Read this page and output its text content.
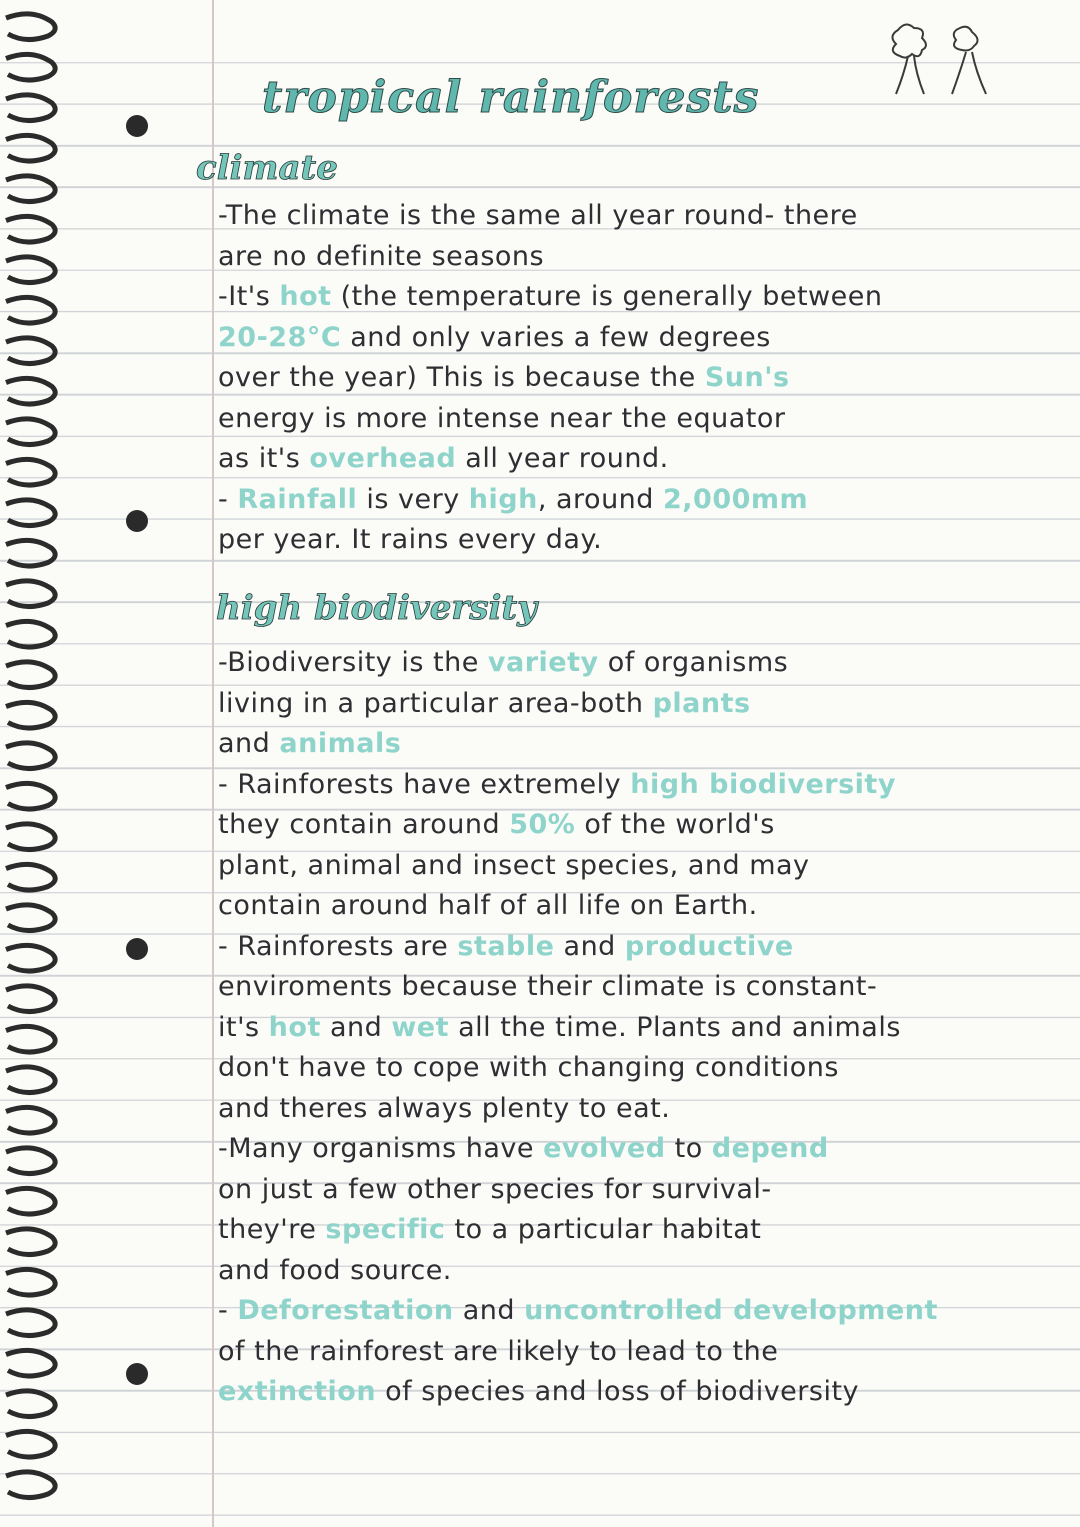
tropical rainforests
climate

-The climate is the same all year round- there

are no definite seasons

-It's hot (the temperature is generally between

20-28°C and only varies a few degrees

over the year) This is because the Sun's

energy is more intense near the equator

as it's overhead all year round.

- Rainfall is very high, around 2,000mm

per year. It rains every day.

high biodiversity

-Biodiversity is the variety of organisms

living in a particular area-both plants

and animals

- Rainforests have extremely high biodiversity

they contain around 50% of the world's

plant, animal and insect species, and may

contain around half of all life on Earth.

- Rainforests are stable and productive

enviroments because their climate is constant-

it's hot and wet all the time. Plants and animals

don't have to cope with changing conditions

and theres always plenty to eat.

-Many organisms have evolved to depend

on just a few other species for survival-

they're specific to a particular habitat

and food source.

- Deforestation and uncontrolled development

of the rainforest are likely to lead to the

extinction of species and loss of biodiversity
